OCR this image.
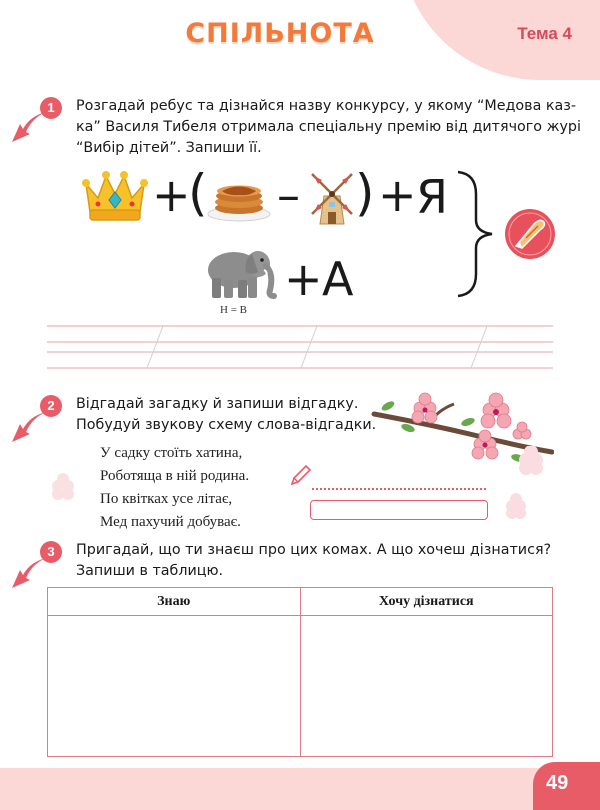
СПІЛЬНОТА	Тема 4
1	Розгадай ребус та дізнайся назву конкурсу, у якому “Медова каз-
ка” Василя Тибеля отримала спеціальну премію від дитячого журі
“Вибір дітей”. Запиши її.
+
( – ) + Я
+ А
Н = В
2	Відгадай загадку й запиши відгадку.
Побудуй звукову схему слова-відгадки.
У садку стоїть хатина,
Роботяща в ній родина.
По квітках усе літає,
Мед пахучий добуває.
3	Пригадай, що ти знаєш про цих комах. А що хочеш дізнатися?
Запиши в таблицю.
Знаю	Хочу дізнатися

49
